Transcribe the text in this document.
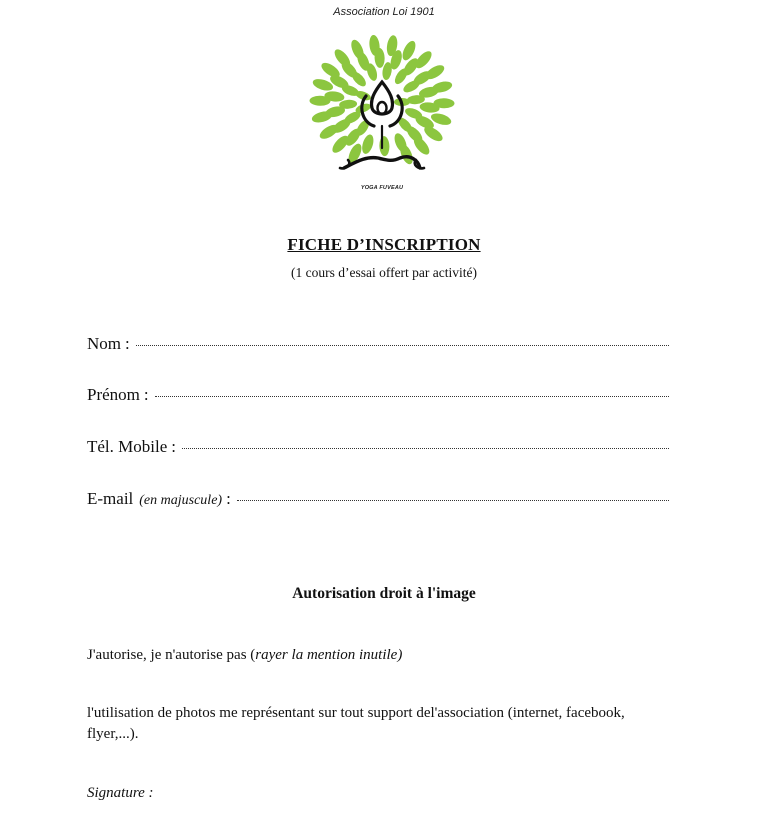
Association Loi 1901
YOGA FUVEAU
FICHE D’INSCRIPTION
(1 cours d’essai offert par activité)
Nom :
Prénom :
Tél. Mobile :
E-mail (en majuscule) :
Autorisation droit à l'image
J'autorise, je n'autorise pas (rayer la mention inutile)
l'utilisation de photos me représentant sur tout support del'association (internet, facebook, flyer,...).
Signature :
